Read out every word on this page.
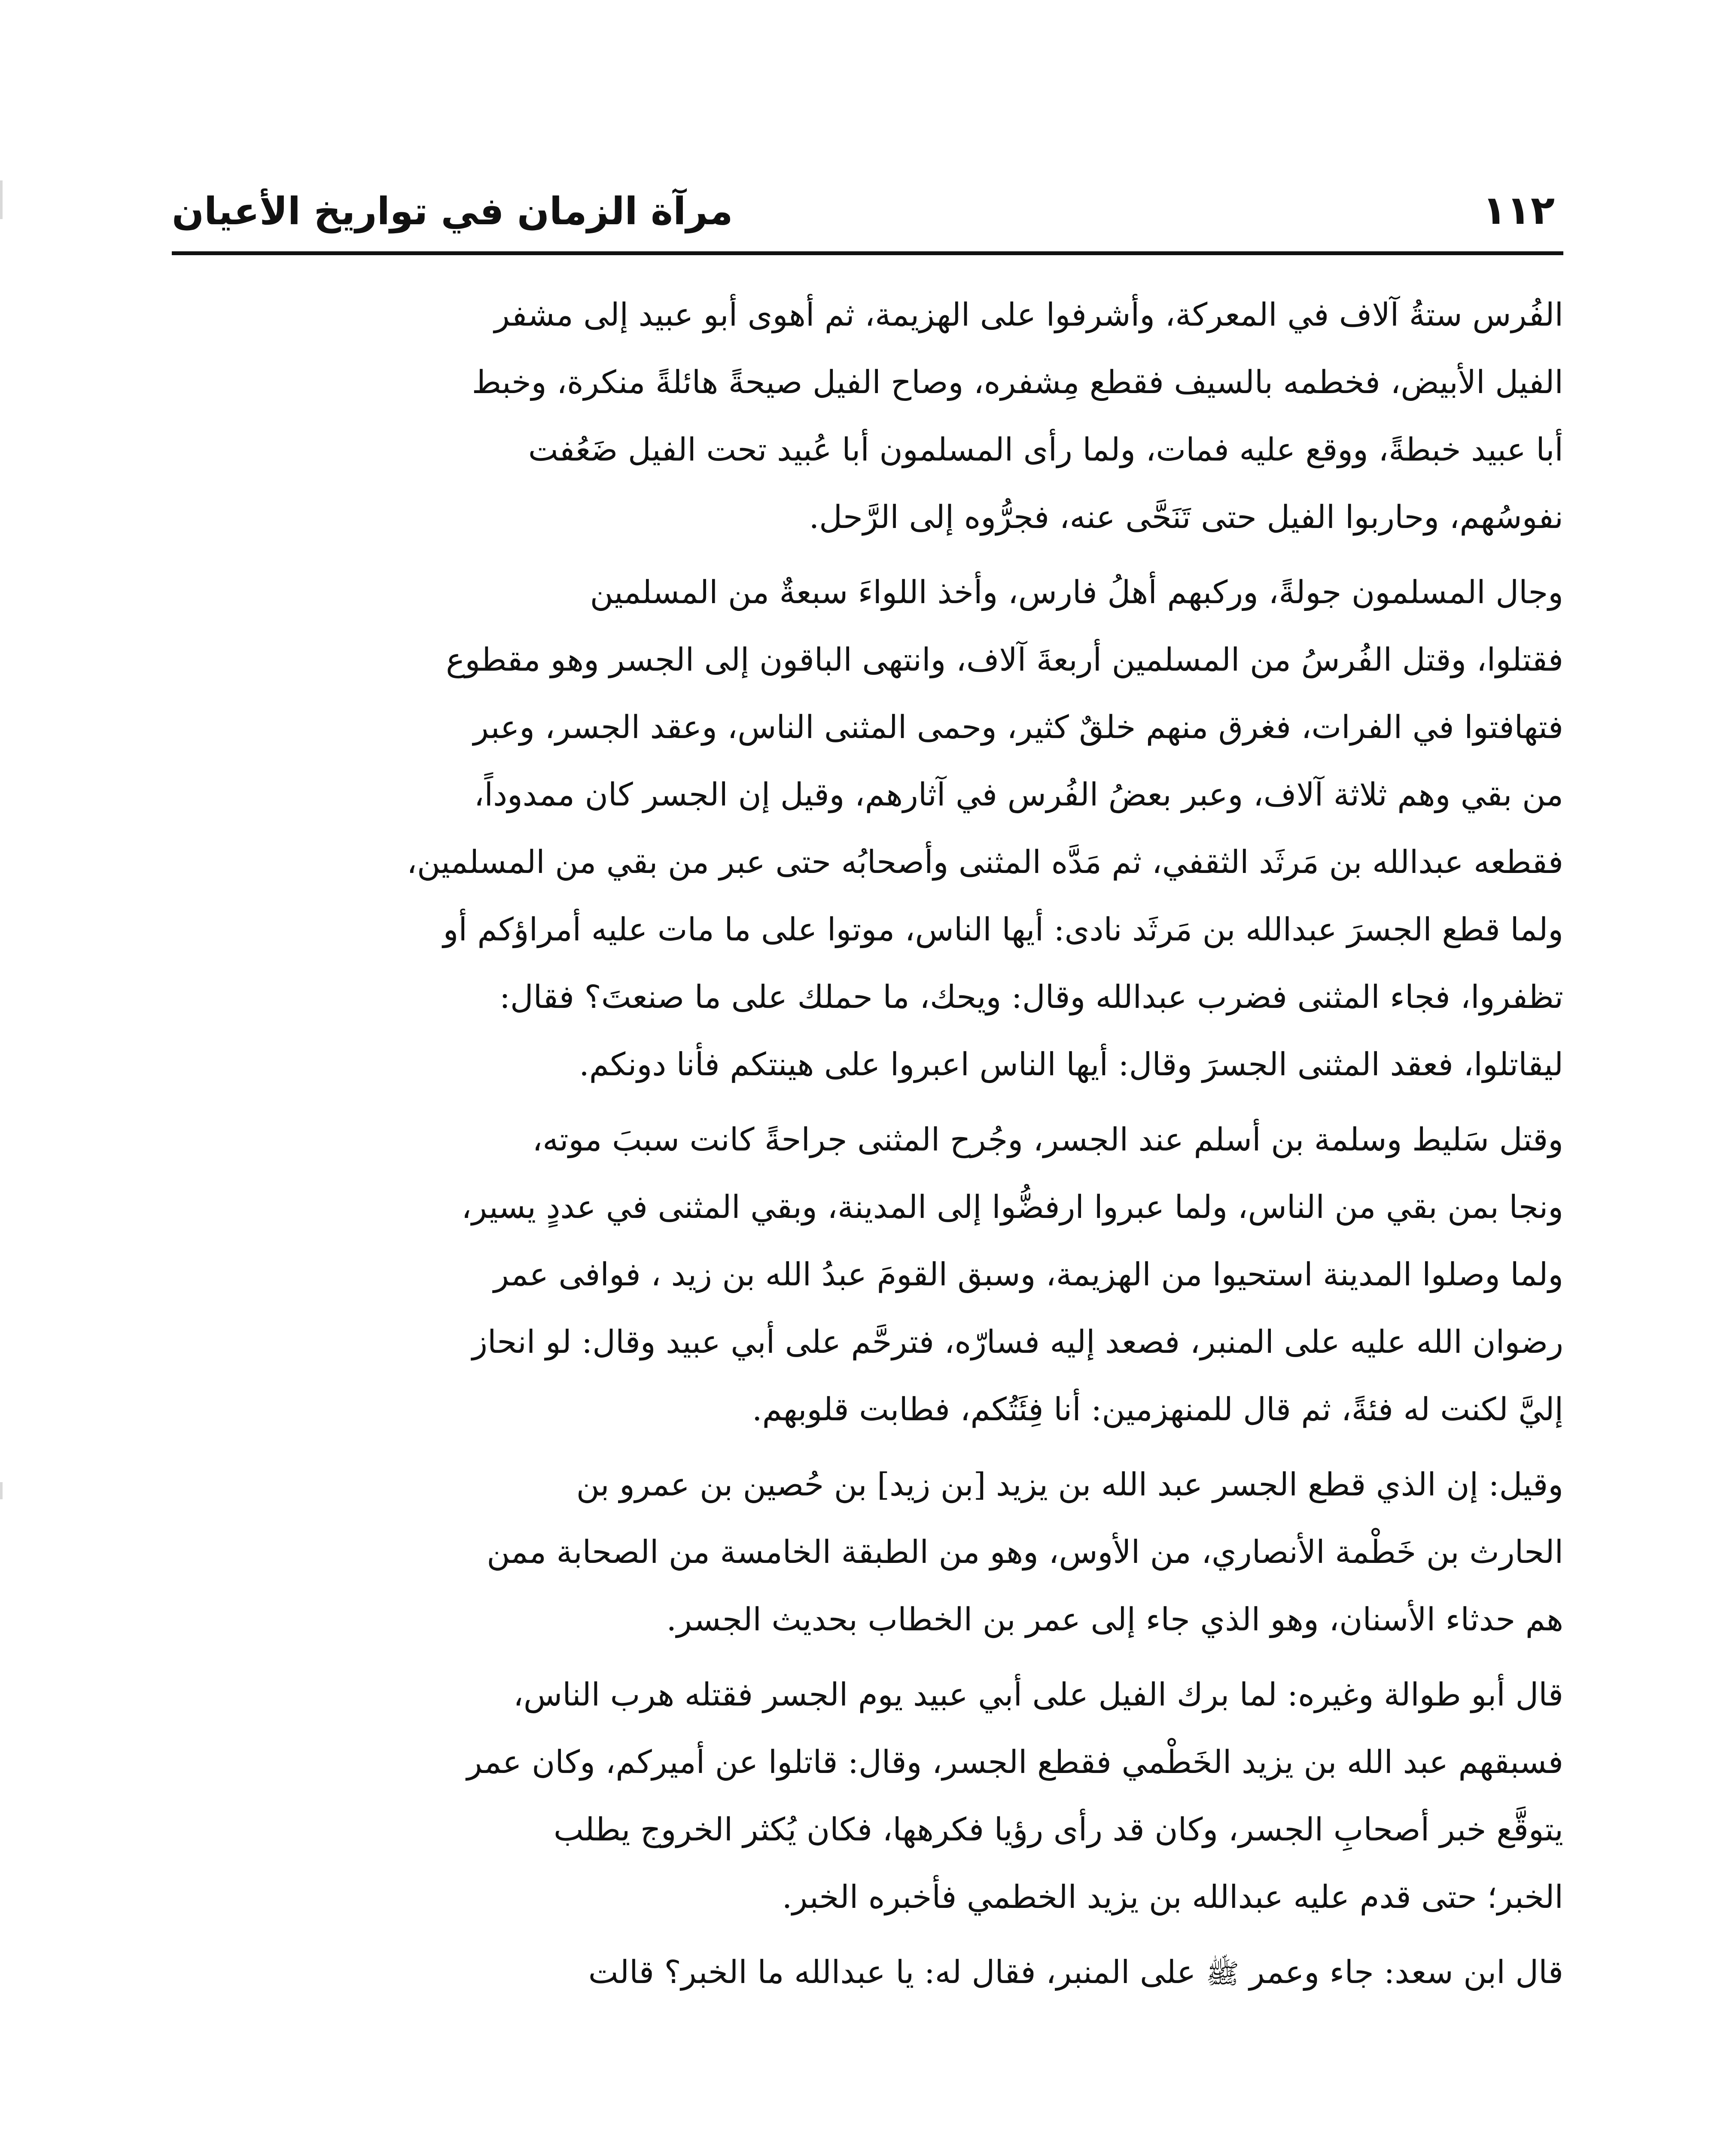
١١٢
مرآة الزمان في تواريخ الأعيان

الفُرس ستةُ آلاف في المعركة، وأشرفوا على الهزيمة، ثم أهوى أبو عبيد إلى مشفر
الفيل الأبيض، فخطمه بالسيف فقطع مِشفره، وصاح الفيل صيحةً هائلةً منكرة، وخبط
أبا عبيد خبطةً، ووقع عليه فمات، ولما رأى المسلمون أبا عُبيد تحت الفيل ضَعُفت
نفوسُهم، وحاربوا الفيل حتى تَنَحَّى عنه، فجرُّوه إلى الرَّحل.

وجال المسلمون جولةً، وركبهم أهلُ فارس، وأخذ اللواءَ سبعةٌ من المسلمين
فقتلوا، وقتل الفُرسُ من المسلمين أربعةَ آلاف، وانتهى الباقون إلى الجسر وهو مقطوع
فتهافتوا في الفرات، فغرق منهم خلقٌ كثير، وحمى المثنى الناس، وعقد الجسر، وعبر
من بقي وهم ثلاثة آلاف، وعبر بعضُ الفُرس في آثارهم، وقيل إن الجسر كان ممدوداً،
فقطعه عبدالله بن مَرثَد الثقفي، ثم مَدَّه المثنى وأصحابُه حتى عبر من بقي من المسلمين،
ولما قطع الجسرَ عبدالله بن مَرثَد نادى: أيها الناس، موتوا على ما مات عليه أمراؤكم أو
تظفروا، فجاء المثنى فضرب عبدالله وقال: ويحك، ما حملك على ما صنعتَ؟ فقال:
ليقاتلوا، فعقد المثنى الجسرَ وقال: أيها الناس اعبروا على هينتكم فأنا دونكم.

وقتل سَليط وسلمة بن أسلم عند الجسر، وجُرح المثنى جراحةً كانت سببَ موته،
ونجا بمن بقي من الناس، ولما عبروا ارفضُّوا إلى المدينة، وبقي المثنى في عددٍ يسير،
ولما وصلوا المدينة استحيوا من الهزيمة، وسبق القومَ عبدُ الله بن زيد ، فوافى عمر
رضوان الله عليه على المنبر، فصعد إليه فسارّه، فترحَّم على أبي عبيد وقال: لو انحاز
إليَّ لكنت له فئةً، ثم قال للمنهزمين: أنا فِئَتُكم، فطابت قلوبهم.

وقيل: إن الذي قطع الجسر عبد الله بن يزيد [بن زيد] بن حُصين بن عمرو بن
الحارث بن خَطْمة الأنصاري، من الأوس، وهو من الطبقة الخامسة من الصحابة ممن
هم حدثاء الأسنان، وهو الذي جاء إلى عمر بن الخطاب بحديث الجسر.

قال أبو طوالة وغيره: لما برك الفيل على أبي عبيد يوم الجسر فقتله هرب الناس،
فسبقهم عبد الله بن يزيد الخَطْمي فقطع الجسر، وقال: قاتلوا عن أميركم، وكان عمر
يتوقَّع خبر أصحابِ الجسر، وكان قد رأى رؤيا فكرهها، فكان يُكثر الخروج يطلب
الخبر؛ حتى قدم عليه عبدالله بن يزيد الخطمي فأخبره الخبر.

قال ابن سعد: جاء وعمر ﷺ على المنبر، فقال له: يا عبدالله ما الخبر؟ قالت
